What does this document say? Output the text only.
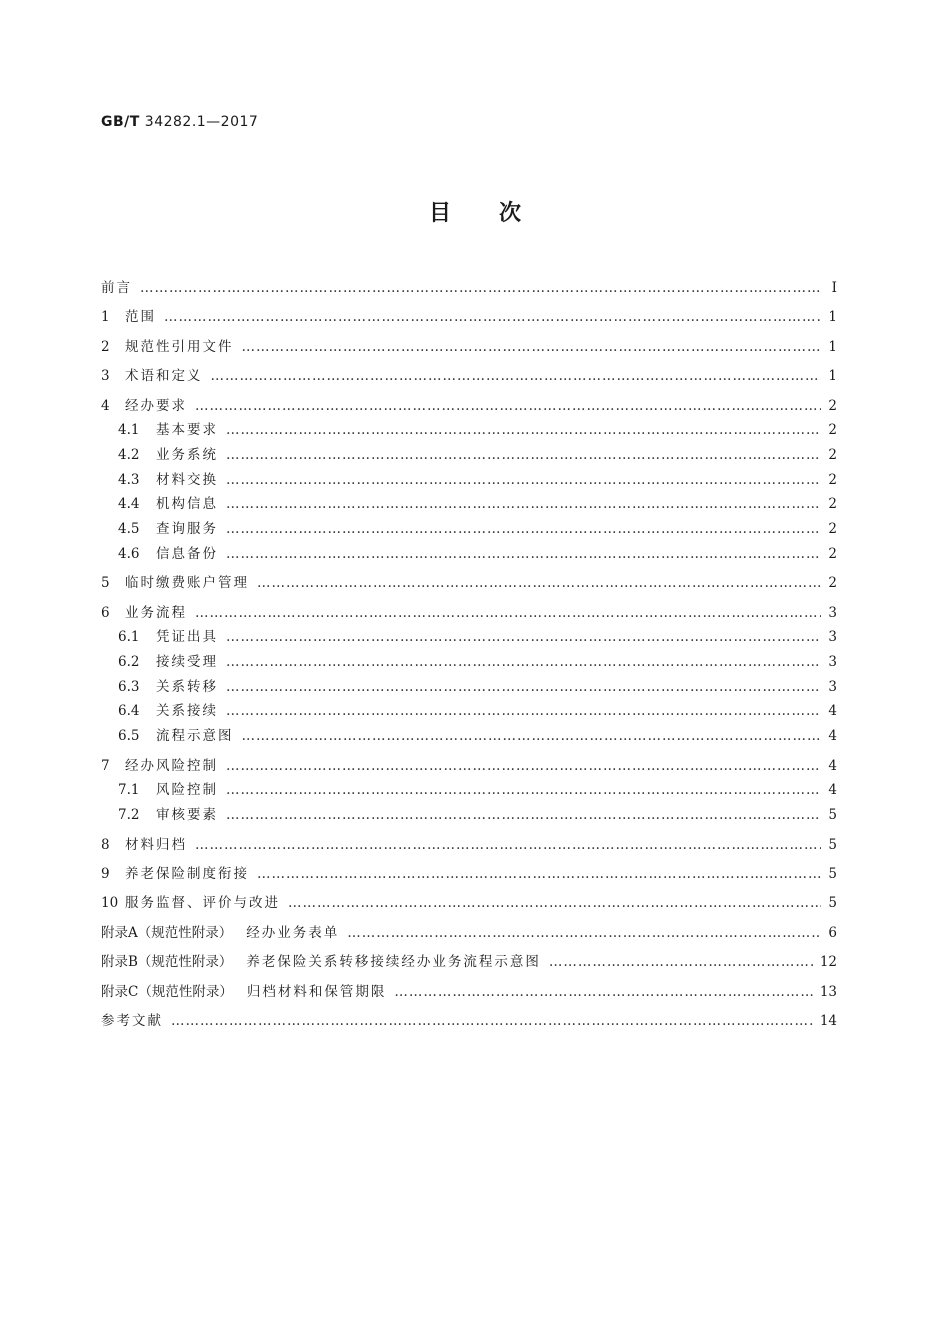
GB/T 34282.1—2017
目次
前言 …………………………………………………………………………………………………………………………………………………………………………………………………………………………………………	Ⅰ
1	范围 …………………………………………………………………………………………………………………………………………………………………………………………………………………………………………	1
2	规范性引用文件 …………………………………………………………………………………………………………………………………………………………………………………………………………………………………………	1
3	术语和定义 …………………………………………………………………………………………………………………………………………………………………………………………………………………………………………	1
4	经办要求 …………………………………………………………………………………………………………………………………………………………………………………………………………………………………………	2
4.1	基本要求 …………………………………………………………………………………………………………………………………………………………………………………………………………………………………………	2
4.2	业务系统 …………………………………………………………………………………………………………………………………………………………………………………………………………………………………………	2
4.3	材料交换 …………………………………………………………………………………………………………………………………………………………………………………………………………………………………………	2
4.4	机构信息 …………………………………………………………………………………………………………………………………………………………………………………………………………………………………………	2
4.5	查询服务 …………………………………………………………………………………………………………………………………………………………………………………………………………………………………………	2
4.6	信息备份 …………………………………………………………………………………………………………………………………………………………………………………………………………………………………………	2
5	临时缴费账户管理 …………………………………………………………………………………………………………………………………………………………………………………………………………………………………………	2
6	业务流程 …………………………………………………………………………………………………………………………………………………………………………………………………………………………………………	3
6.1	凭证出具 …………………………………………………………………………………………………………………………………………………………………………………………………………………………………………	3
6.2	接续受理 …………………………………………………………………………………………………………………………………………………………………………………………………………………………………………	3
6.3	关系转移 …………………………………………………………………………………………………………………………………………………………………………………………………………………………………………	3
6.4	关系接续 …………………………………………………………………………………………………………………………………………………………………………………………………………………………………………	4
6.5	流程示意图 …………………………………………………………………………………………………………………………………………………………………………………………………………………………………………	4
7	经办风险控制 …………………………………………………………………………………………………………………………………………………………………………………………………………………………………………	4
7.1	风险控制 …………………………………………………………………………………………………………………………………………………………………………………………………………………………………………	4
7.2	审核要素 …………………………………………………………………………………………………………………………………………………………………………………………………………………………………………	5
8	材料归档 …………………………………………………………………………………………………………………………………………………………………………………………………………………………………………	5
9	养老保险制度衔接 …………………………………………………………………………………………………………………………………………………………………………………………………………………………………………	5
10 服务监督、评价与改进 …………………………………………………………………………………………………………………………………………………………………………………………………………………………………………	5
附录A（规范性附录） 经办业务表单 …………………………………………………………………………………………………………………………………………………………………………………………………………………………………………	6
附录B（规范性附录） 养老保险关系转移接续经办业务流程示意图 …………………………………………………………………………………………………………………………………………………………………………………………………………………………………………	12
附录C（规范性附录） 归档材料和保管期限 …………………………………………………………………………………………………………………………………………………………………………………………………………………………………………	13
参考文献 …………………………………………………………………………………………………………………………………………………………………………………………………………………………………………	14
